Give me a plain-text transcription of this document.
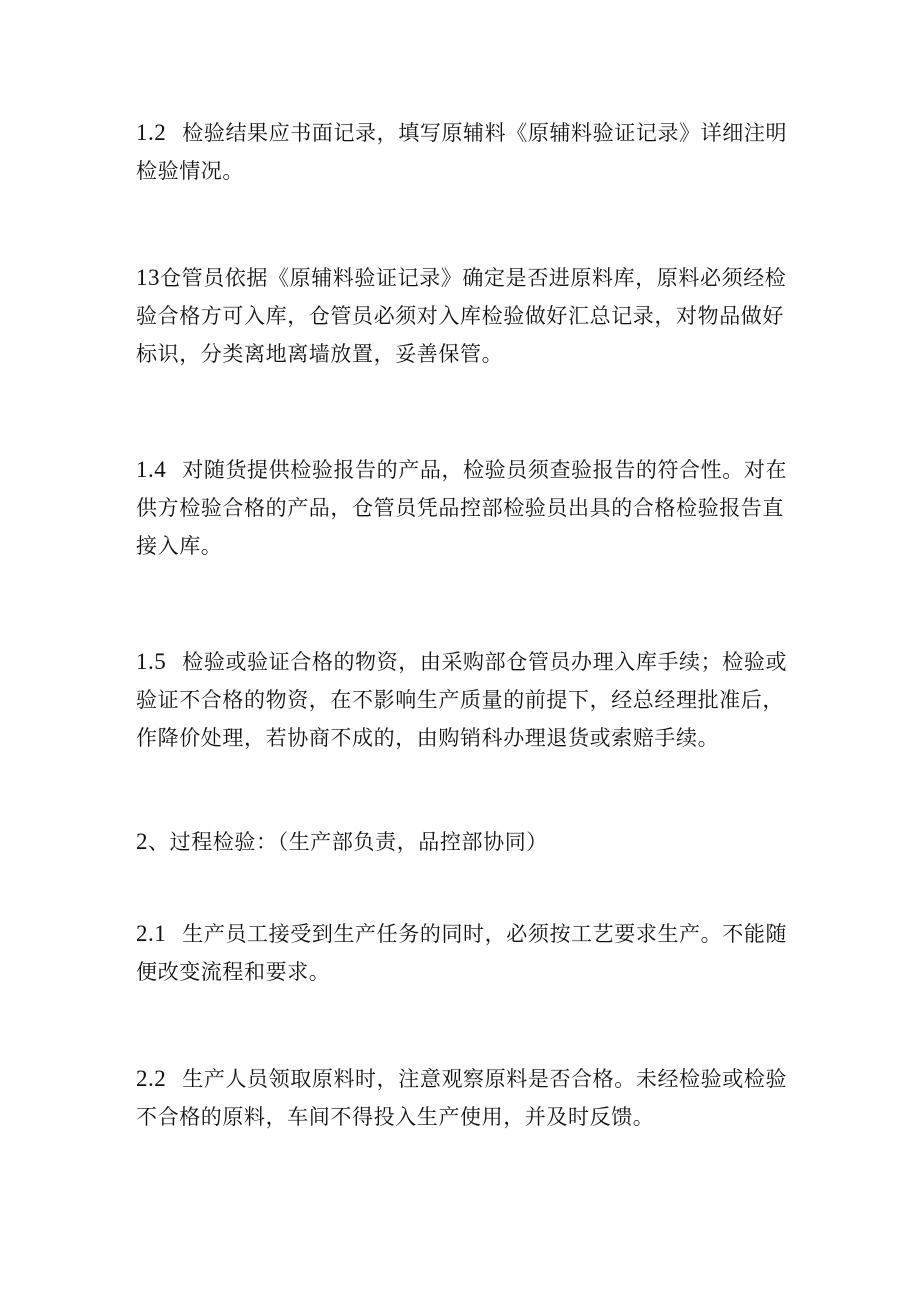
1.2 检验结果应书面记录，填写原辅料《原辅料验证记录》详细注明
检验情况。

13仓管员依据《原辅料验证记录》确定是否进原料库，原料必须经检
验合格方可入库，仓管员必须对入库检验做好汇总记录，对物品做好
标识，分类离地离墙放置，妥善保管。

1.4 对随货提供检验报告的产品，检验员须查验报告的符合性。对在
供方检验合格的产品，仓管员凭品控部检验员出具的合格检验报告直
接入库。

1.5 检验或验证合格的物资，由采购部仓管员办理入库手续；检验或
验证不合格的物资，在不影响生产质量的前提下，经总经理批准后，
作降价处理，若协商不成的，由购销科办理退货或索赔手续。

2、过程检验：（生产部负责，品控部协同）

2.1 生产员工接受到生产任务的同时，必须按工艺要求生产。不能随
便改变流程和要求。

2.2 生产人员领取原料时，注意观察原料是否合格。未经检验或检验
不合格的原料，车间不得投入生产使用，并及时反馈。
